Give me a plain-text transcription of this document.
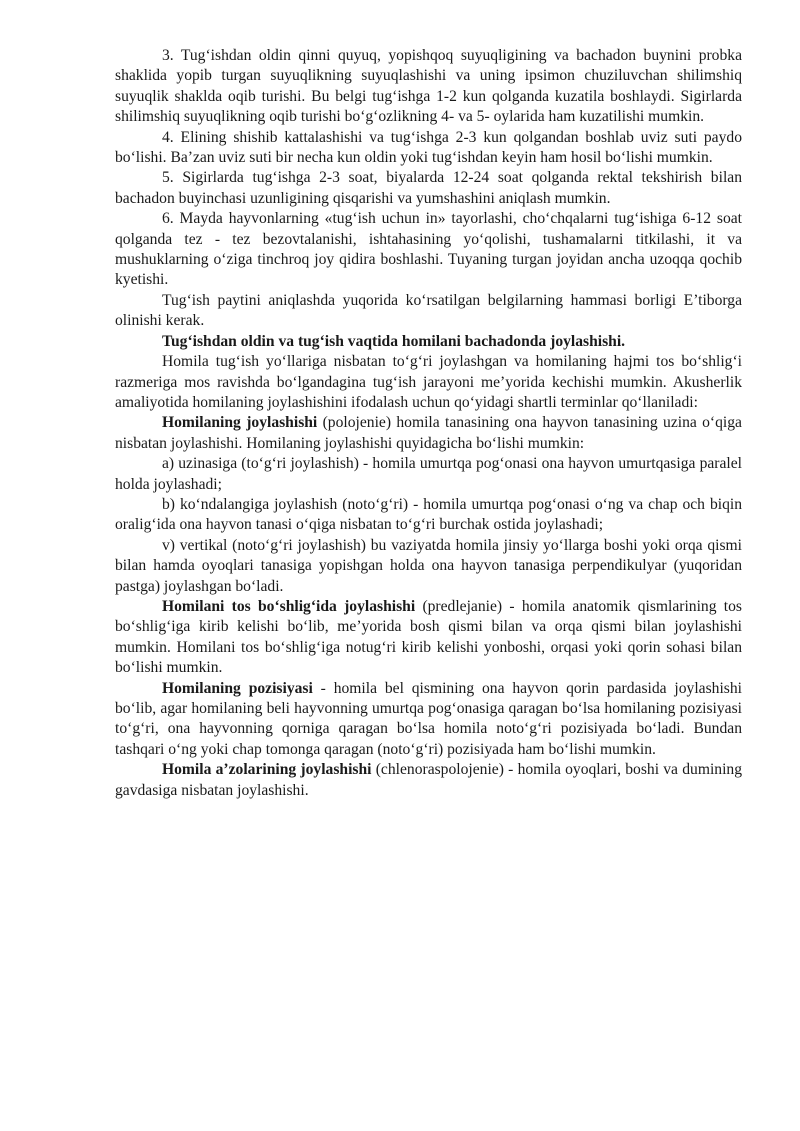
3. Tug‘ishdan oldin qinni quyuq, yopishqoq suyuqligining va bachadon buynini probka shaklida yopib turgan suyuqlikning suyuqlashishi va uning ipsimon chuziluvchan shilimshiq suyuqlik shaklda oqib turishi. Bu belgi tug‘ishga 1-2 kun qolganda kuzatila boshlaydi. Sigirlarda shilimshiq suyuqlikning oqib turishi bo‘g‘ozlikning 4- va 5- oylarida ham kuzatilishi mumkin.

4. Elining shishib kattalashishi va tug‘ishga 2-3 kun qolgandan boshlab uviz suti paydo bo‘lishi. Ba’zan uviz suti bir necha kun oldin yoki tug‘ishdan keyin ham hosil bo‘lishi mumkin.

5. Sigirlarda tug‘ishga 2-3 soat, biyalarda 12-24 soat qolganda rektal tekshirish bilan bachadon buyinchasi uzunligining qisqarishi va yumshashini aniqlash mumkin.

6. Mayda hayvonlarning «tug‘ish uchun in» tayorlashi, cho‘chqalarni tug‘ishiga 6-12 soat qolganda tez - tez bezovtalanishi, ishtahasining yo‘qolishi, tushamalarni titkilashi, it va mushuklarning o‘ziga tinchroq joy qidira boshlashi. Tuyaning turgan joyidan ancha uzoqqa qochib kyetishi.

Tug‘ish paytini aniqlashda yuqorida ko‘rsatilgan belgilarning hammasi borligi E’tiborga olinishi kerak.

Tug‘ishdan oldin va tug‘ish vaqtida homilani bachadonda joylashishi.

Homila tug‘ish yo‘llariga nisbatan to‘g‘ri joylashgan va homilaning hajmi tos bo‘shlig‘i razmeriga mos ravishda bo‘lgandagina tug‘ish jarayoni me’yorida kechishi mumkin. Akusherlik amaliyotida homilaning joylashishini ifodalash uchun qo‘yidagi shartli terminlar qo‘llaniladi:

Homilaning joylashishi (polojenie) homila tanasining ona hayvon tanasining uzina o‘qiga nisbatan joylashishi. Homilaning joylashishi quyidagicha bo‘lishi mumkin:

a) uzinasiga (to‘g‘ri joylashish) - homila umurtqa pog‘onasi ona hayvon umurtqasiga paralel holda joylashadi;

b) ko‘ndalangiga joylashish (noto‘g‘ri) - homila umurtqa pog‘onasi o‘ng va chap och biqin oralig‘ida ona hayvon tanasi o‘qiga nisbatan to‘g‘ri burchak ostida joylashadi;

v) vertikal (noto‘g‘ri joylashish) bu vaziyatda homila jinsiy yo‘llarga boshi yoki orqa qismi bilan hamda oyoqlari tanasiga yopishgan holda ona hayvon tanasiga perpendikulyar (yuqoridan pastga) joylashgan bo‘ladi.

Homilani tos bo‘shlig‘ida joylashishi (predlejanie) - homila anatomik qismlarining tos bo‘shlig‘iga kirib kelishi bo‘lib, me’yorida bosh qismi bilan va orqa qismi bilan joylashishi mumkin. Homilani tos bo‘shlig‘iga notug‘ri kirib kelishi yonboshi, orqasi yoki qorin sohasi bilan bo‘lishi mumkin.

Homilaning pozisiyasi - homila bel qismining ona hayvon qorin pardasida joylashishi bo‘lib, agar homilaning beli hayvonning umurtqa pog‘onasiga qaragan bo‘lsa homilaning pozisiyasi to‘g‘ri, ona hayvonning qorniga qaragan bo‘lsa homila noto‘g‘ri pozisiyada bo‘ladi. Bundan tashqari o‘ng yoki chap tomonga qaragan (noto‘g‘ri) pozisiyada ham bo‘lishi mumkin.

Homila a’zolarining joylashishi (chlenoraspolojenie) - homila oyoqlari, boshi va dumining gavdasiga nisbatan joylashishi.
